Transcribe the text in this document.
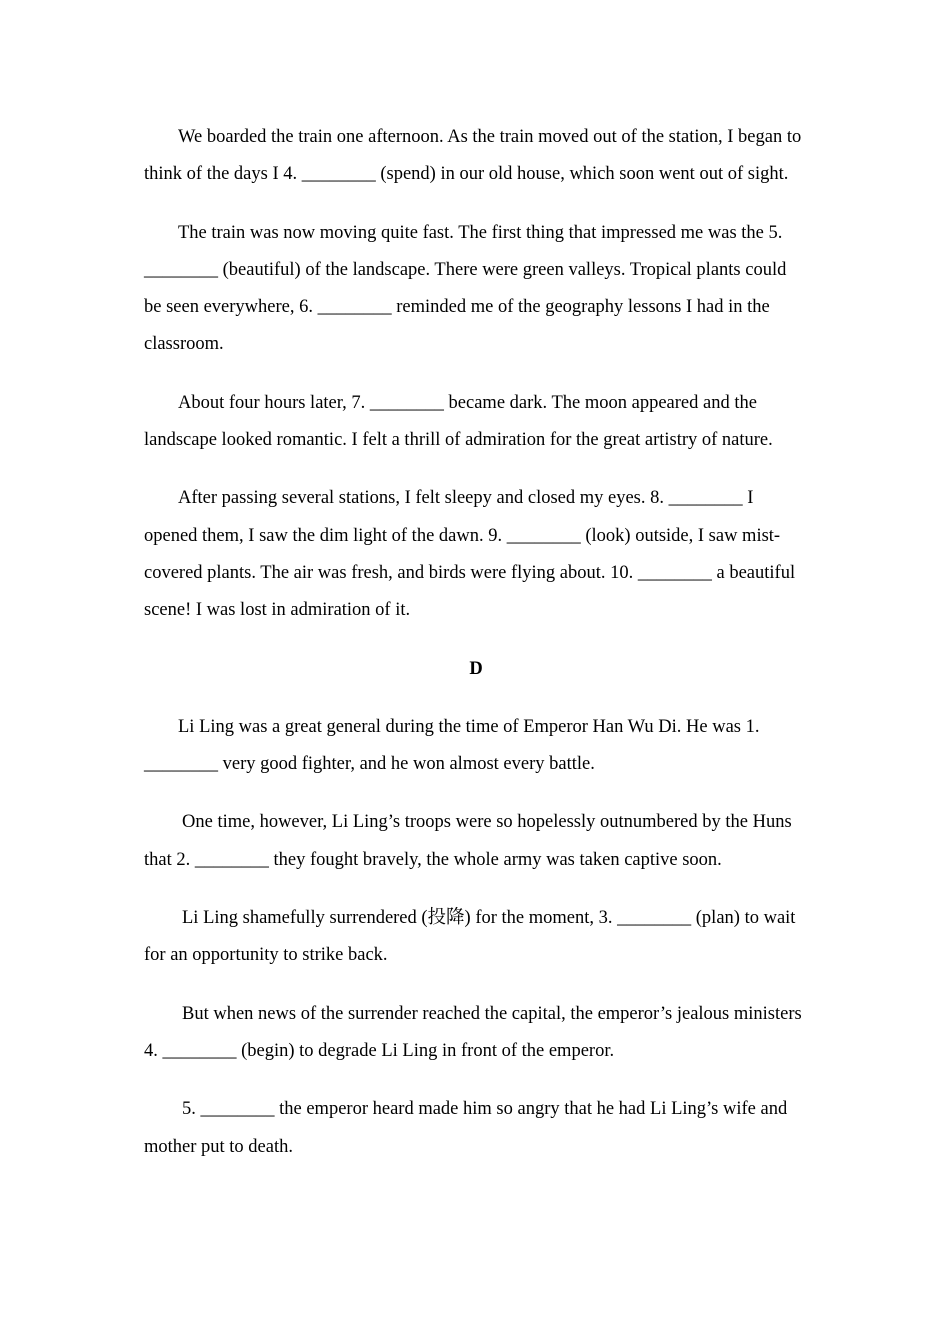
We boarded the train one afternoon. As the train moved out of the station, I began to think of the days I 4. ________ (spend) in our old house, which soon went out of sight.

The train was now moving quite fast. The first thing that impressed me was the 5. ________ (beautiful) of the landscape. There were green valleys. Tropical plants could be seen everywhere, 6. ________ reminded me of the geography lessons I had in the classroom.

About four hours later, 7. ________ became dark. The moon appeared and the landscape looked romantic. I felt a thrill of admiration for the great artistry of nature.

After passing several stations, I felt sleepy and closed my eyes. 8. ________ I opened them, I saw the dim light of the dawn. 9. ________ (look) outside, I saw mist-covered plants. The air was fresh, and birds were flying about. 10. ________ a beautiful scene! I was lost in admiration of it.

D

Li Ling was a great general during the time of Emperor Han Wu Di. He was 1. ________ very good fighter, and he won almost every battle.

One time, however, Li Ling’s troops were so hopelessly outnumbered by the Huns that 2. ________ they fought bravely, the whole army was taken captive soon.

Li Ling shamefully surrendered (投降) for the moment, 3. ________ (plan) to wait for an opportunity to strike back.

But when news of the surrender reached the capital, the emperor’s jealous ministers 4. ________ (begin) to degrade Li Ling in front of the emperor.

5. ________ the emperor heard made him so angry that he had Li Ling’s wife and mother put to death.
